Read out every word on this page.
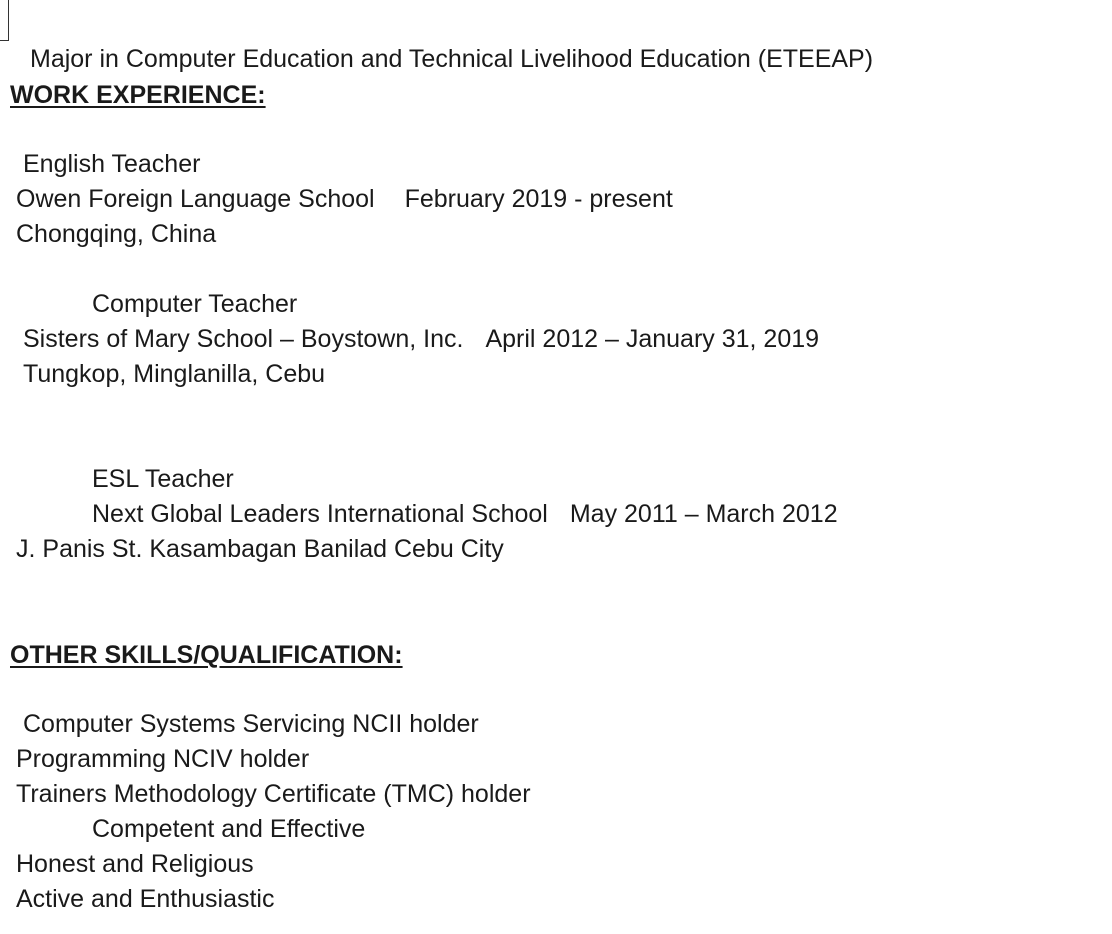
Major in Computer Education and Technical Livelihood Education (ETEEAP)
WORK EXPERIENCE:
English Teacher
Owen Foreign Language School February 2019 - present
Chongqing, China
Computer Teacher
Sisters of Mary School – Boystown, Inc. April 2012 – January 31, 2019
Tungkop, Minglanilla, Cebu
ESL Teacher
Next Global Leaders International School May 2011 – March 2012
J. Panis St. Kasambagan Banilad Cebu City
OTHER SKILLS/QUALIFICATION:
Computer Systems Servicing NCII holder
Programming NCIV holder
Trainers Methodology Certificate (TMC) holder
Competent and Effective
Honest and Religious
Active and Enthusiastic
